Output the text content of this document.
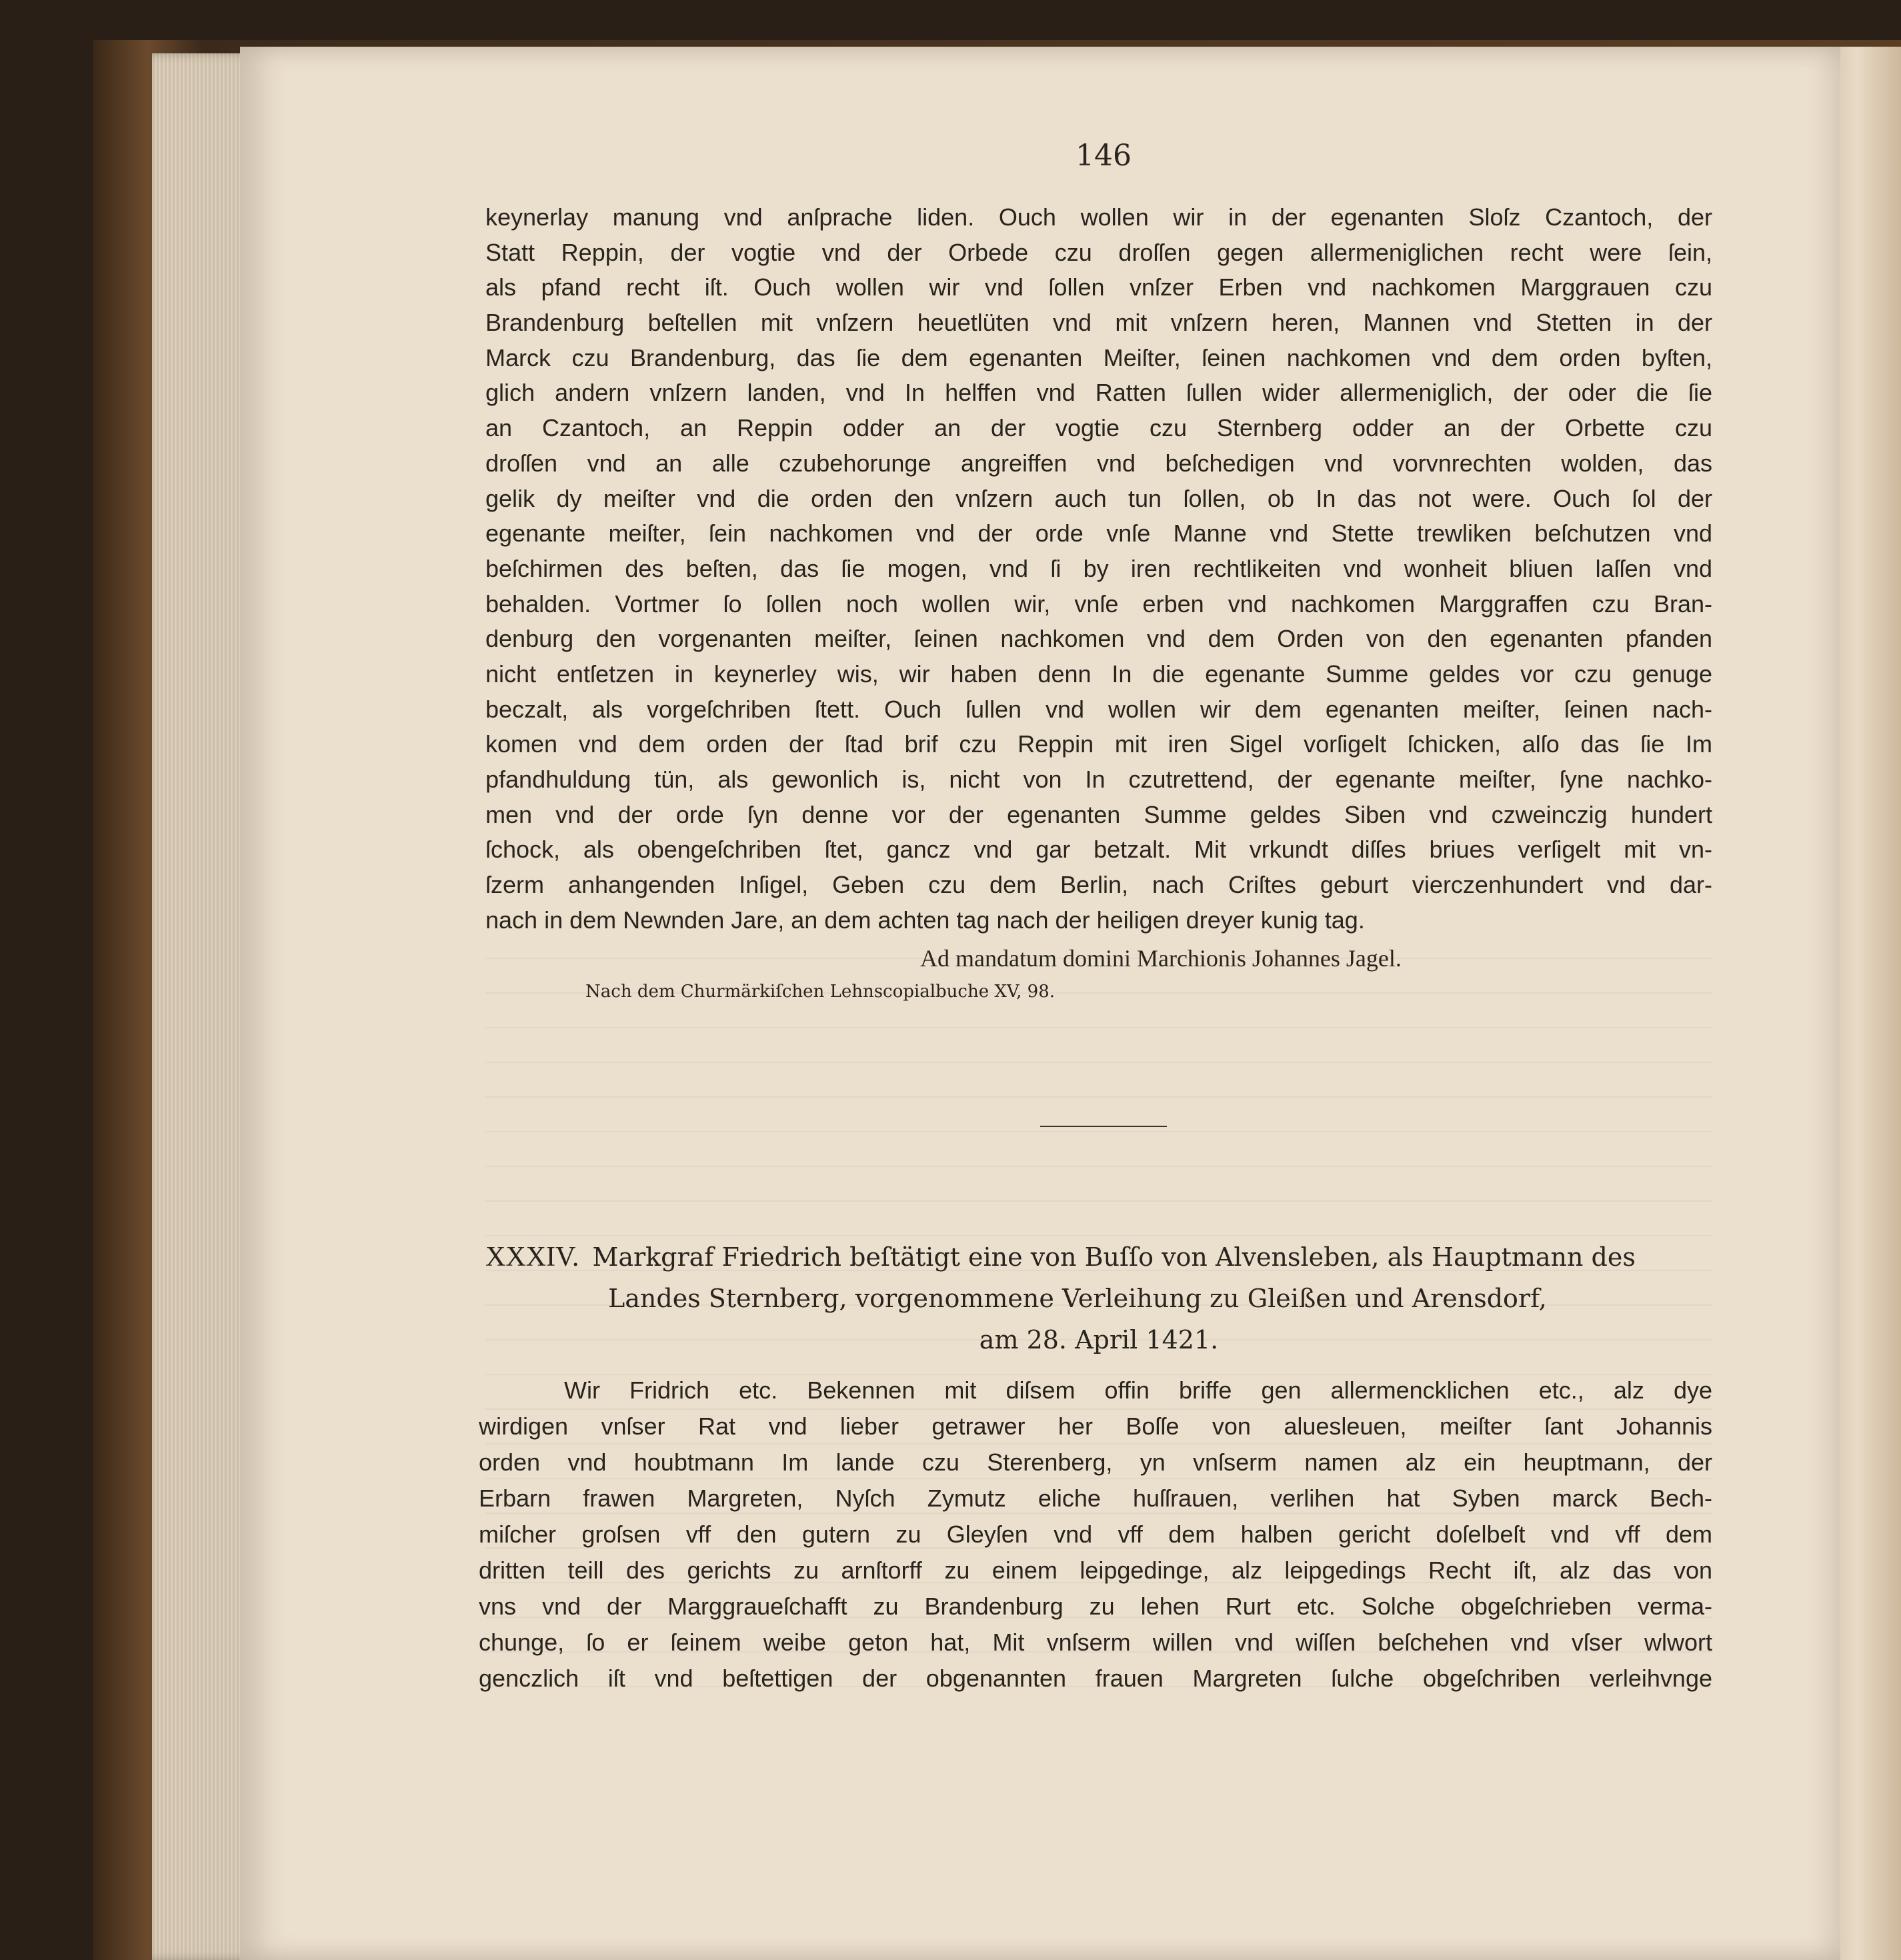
146
keynerlay manung vnd anſprache liden. Ouch wollen wir in der egenanten Sloſz Czantoch, der
Statt Reppin, der vogtie vnd der Orbede czu droſſen gegen allermeniglichen recht were ſein,
als pfand recht iſt. Ouch wollen wir vnd ſollen vnſzer Erben vnd nachkomen Marggrauen czu
Brandenburg beſtellen mit vnſzern heuetlüten vnd mit vnſzern heren, Mannen vnd Stetten in der
Marck czu Brandenburg, das ſie dem egenanten Meiſter, ſeinen nachkomen vnd dem orden byſten,
glich andern vnſzern landen, vnd In helffen vnd Ratten ſullen wider allermeniglich, der oder die ſie
an Czantoch, an Reppin odder an der vogtie czu Sternberg odder an der Orbette czu
droſſen vnd an alle czubehorunge angreiffen vnd beſchedigen vnd vorvnrechten wolden, das
gelik dy meiſter vnd die orden den vnſzern auch tun ſollen, ob In das not were. Ouch ſol der
egenante meiſter, ſein nachkomen vnd der orde vnſe Manne vnd Stette trewliken beſchutzen vnd
beſchirmen des beſten, das ſie mogen, vnd ſi by iren rechtlikeiten vnd wonheit bliuen laſſen vnd
behalden. Vortmer ſo ſollen noch wollen wir, vnſe erben vnd nachkomen Marggraffen czu Bran-
denburg den vorgenanten meiſter, ſeinen nachkomen vnd dem Orden von den egenanten pfanden
nicht entſetzen in keynerley wis, wir haben denn In die egenante Summe geldes vor czu genuge
beczalt, als vorgeſchriben ſtett. Ouch ſullen vnd wollen wir dem egenanten meiſter, ſeinen nach-
komen vnd dem orden der ſtad brif czu Reppin mit iren Sigel vorſigelt ſchicken, alſo das ſie Im
pfandhuldung tün, als gewonlich is, nicht von In czutrettend, der egenante meiſter, ſyne nachko-
men vnd der orde ſyn denne vor der egenanten Summe geldes Siben vnd czweinczig hundert
ſchock, als obengeſchriben ſtet, gancz vnd gar betzalt. Mit vrkundt diſſes briues verſigelt mit vn-
ſzerm anhangenden Inſigel, Geben czu dem Berlin, nach Criſtes geburt vierczenhundert vnd dar-
nach in dem Newnden Jare, an dem achten tag nach der heiligen dreyer kunig tag.
Ad mandatum domini Marchionis Johannes Jagel.
Nach dem Churmärkiſchen Lehnscopialbuche XV, 98.
XXXIV. Markgraf Friedrich beſtätigt eine von Buſſo von Alvensleben, als Hauptmann des
Landes Sternberg, vorgenommene Verleihung zu Gleißen und Arensdorf,
am 28. April 1421.
Wir Fridrich etc. Bekennen mit diſsem offin briffe gen allermencklichen etc., alz dye
wirdigen vnſser Rat vnd lieber getrawer her Boſſe von aluesleuen, meiſter ſant Johannis
orden vnd houbtmann Im lande czu Sterenberg, yn vnſserm namen alz ein heuptmann, der
Erbarn frawen Margreten, Nyſch Zymutz eliche huſſrauen, verlihen hat Syben marck Bech-
miſcher groſsen vff den gutern zu Gleyſen vnd vff dem halben gericht doſelbeſt vnd vff dem
dritten teill des gerichts zu arnſtorff zu einem leipgedinge, alz leipgedings Recht iſt, alz das von
vns vnd der Marggraueſchafft zu Brandenburg zu lehen Rurt etc. Solche obgeſchrieben verma-
chunge, ſo er ſeinem weibe geton hat, Mit vnſserm willen vnd wiſſen beſchehen vnd vſser wlwort
genczlich iſt vnd beſtettigen der obgenannten frauen Margreten ſulche obgeſchriben verleihvnge
